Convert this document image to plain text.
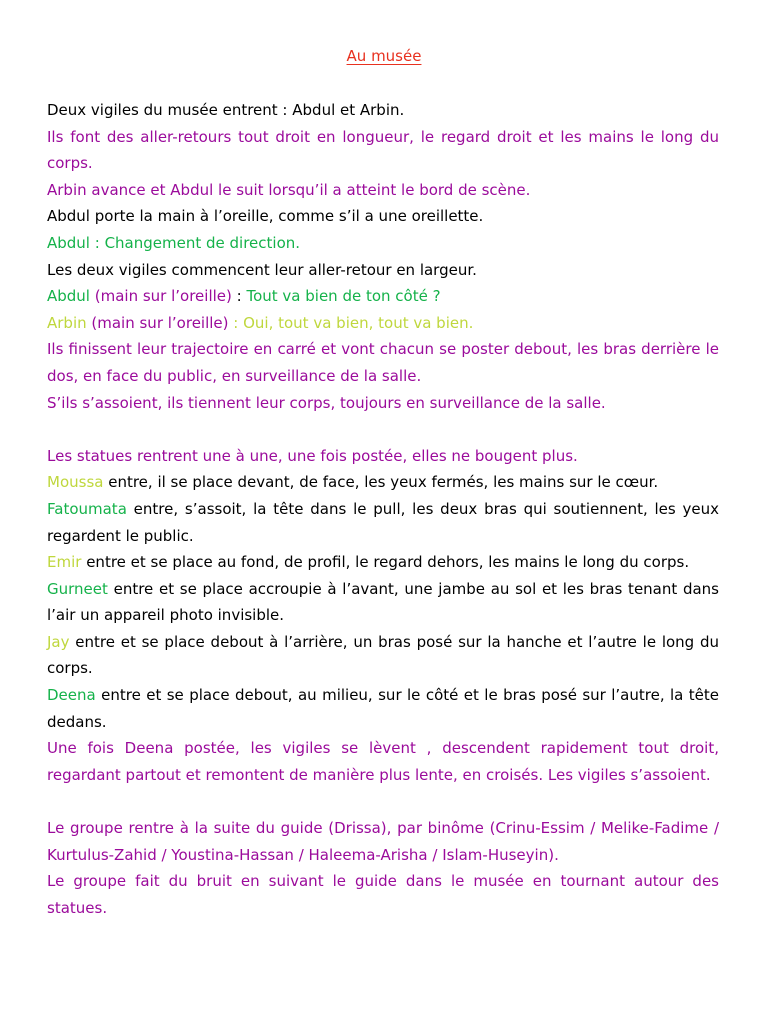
Au musée

Deux vigiles du musée entrent : Abdul et Arbin.

Ils font des aller-retours tout droit en longueur, le regard droit et les mains le long du corps.

Arbin avance et Abdul le suit lorsqu’il a atteint le bord de scène.

Abdul porte la main à l’oreille, comme s’il a une oreillette.

Abdul : Changement de direction.

Les deux vigiles commencent leur aller-retour en largeur.

Abdul (main sur l’oreille) : Tout va bien de ton côté ?

Arbin (main sur l’oreille) : Oui, tout va bien, tout va bien.

Ils finissent leur trajectoire en carré et vont chacun se poster debout, les bras derrière le dos, en face du public, en surveillance de la salle.

S’ils s’assoient, ils tiennent leur corps, toujours en surveillance de la salle.

Les statues rentrent une à une, une fois postée, elles ne bougent plus.

Moussa entre, il se place devant, de face, les yeux fermés, les mains sur le cœur.

Fatoumata entre, s’assoit, la tête dans le pull, les deux bras qui soutiennent, les yeux regardent le public.

Emir entre et se place au fond, de profil, le regard dehors, les mains le long du corps.

Gurneet entre et se place accroupie à l’avant, une jambe au sol et les bras tenant dans l’air un appareil photo invisible.

Jay entre et se place debout à l’arrière, un bras posé sur la hanche et l’autre le long du corps.

Deena entre et se place debout, au milieu, sur le côté et le bras posé sur l’autre, la tête dedans.

Une fois Deena postée, les vigiles se lèvent , descendent rapidement tout droit, regardant partout et remontent de manière plus lente, en croisés. Les vigiles s’assoient.

Le groupe rentre à la suite du guide (Drissa), par binôme (Crinu-Essim / Melike-Fadime / Kurtulus-Zahid / Youstina-Hassan / Haleema-Arisha / Islam-Huseyin).

Le groupe fait du bruit en suivant le guide dans le musée en tournant autour des statues.
